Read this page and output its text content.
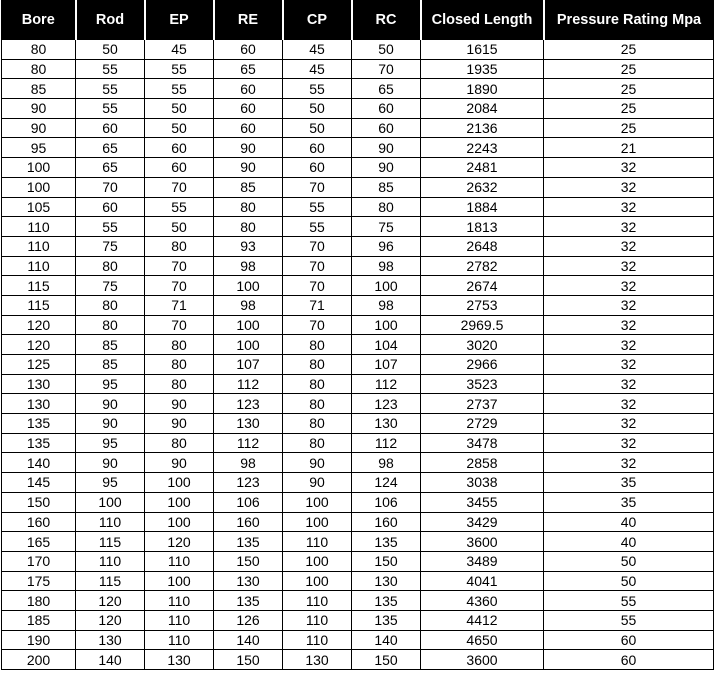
Bore	Rod	EP	RE	CP	RC	Closed Length	Pressure Rating Mpa
80	50	45	60	45	50	1615	25
80	55	55	65	45	70	1935	25
85	55	55	60	55	65	1890	25
90	55	50	60	50	60	2084	25
90	60	50	60	50	60	2136	25
95	65	60	90	60	90	2243	21
100	65	60	90	60	90	2481	32
100	70	70	85	70	85	2632	32
105	60	55	80	55	80	1884	32
110	55	50	80	55	75	1813	32
110	75	80	93	70	96	2648	32
110	80	70	98	70	98	2782	32
115	75	70	100	70	100	2674	32
115	80	71	98	71	98	2753	32
120	80	70	100	70	100	2969.5	32
120	85	80	100	80	104	3020	32
125	85	80	107	80	107	2966	32
130	95	80	112	80	112	3523	32
130	90	90	123	80	123	2737	32
135	90	90	130	80	130	2729	32
135	95	80	112	80	112	3478	32
140	90	90	98	90	98	2858	32
145	95	100	123	90	124	3038	35
150	100	100	106	100	106	3455	35
160	110	100	160	100	160	3429	40
165	115	120	135	110	135	3600	40
170	110	110	150	100	150	3489	50
175	115	100	130	100	130	4041	50
180	120	110	135	110	135	4360	55
185	120	110	126	110	135	4412	55
190	130	110	140	110	140	4650	60
200	140	130	150	130	150	3600	60
